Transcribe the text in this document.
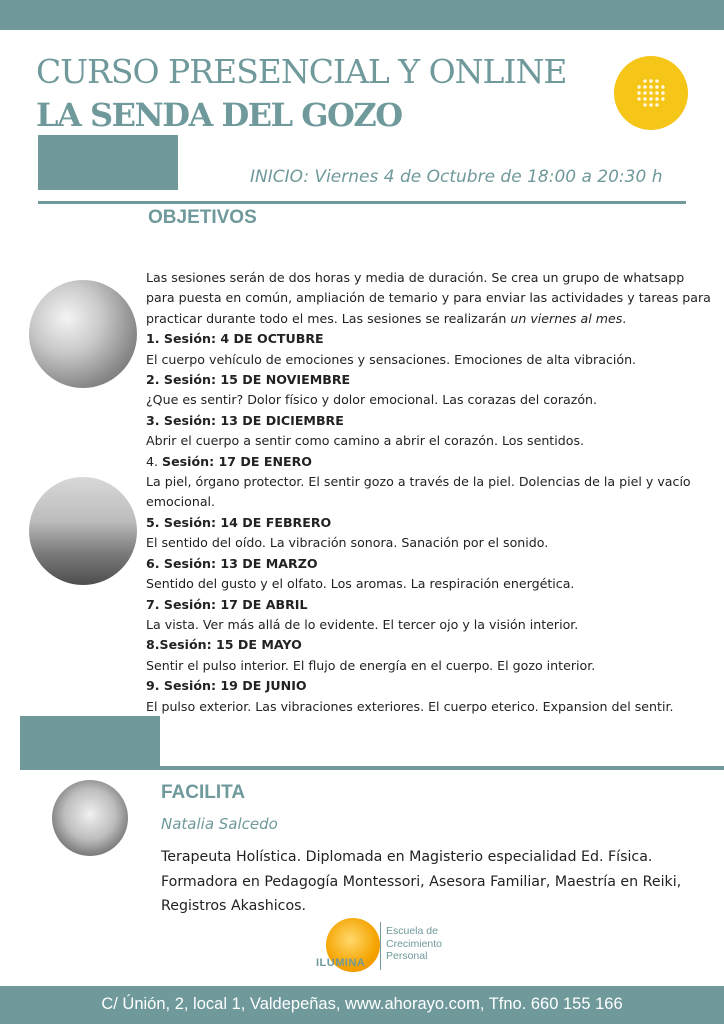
CURSO PRESENCIAL Y ONLINE
LA SENDA DEL GOZO
INICIO: Viernes 4 de Octubre de 18:00 a 20:30 h
OBJETIVOS

Las sesiones serán de dos horas y media de duración. Se crea un grupo de whatsapp para puesta en común, ampliación de temario y para enviar las actividades y tareas para practicar durante todo el mes. Las sesiones se realizarán un viernes al mes.

1. Sesión: 4 DE OCTUBRE

El cuerpo vehículo de emociones y sensaciones. Emociones de alta vibración.

2. Sesión: 15 DE NOVIEMBRE

¿Que es sentir? Dolor físico y dolor emocional. Las corazas del corazón.

3. Sesión: 13 DE DICIEMBRE

Abrir el cuerpo a sentir como camino a abrir el corazón. Los sentidos.

4. Sesión: 17 DE ENERO

La piel, órgano protector. El sentir gozo a través de la piel. Dolencias de la piel y vacío emocional.

5. Sesión: 14 DE FEBRERO

El sentido del oído. La vibración sonora. Sanación por el sonido.

6. Sesión: 13 DE MARZO

Sentido del gusto y el olfato. Los aromas. La respiración energética.

7. Sesión: 17 DE ABRIL

La vista. Ver más allá de lo evidente. El tercer ojo y la visión interior.

8.Sesión: 15 DE MAYO

Sentir el pulso interior. El flujo de energía en el cuerpo. El gozo interior.

9. Sesión: 19 DE JUNIO

El pulso exterior. Las vibraciones exteriores. El cuerpo eterico. Expansion del sentir.

FACILITA
Natalia Salcedo
Terapeuta Holística. Diplomada en Magisterio especialidad Ed. Física. Formadora en Pedagogía Montessori, Asesora Familiar, Maestría en Reiki, Registros Akashicos.
ILUMINA
Escuela de
Crecimiento
Personal
C/ Únión, 2, local 1, Valdepeñas, www.ahorayo.com, Tfno. 660 155 166
